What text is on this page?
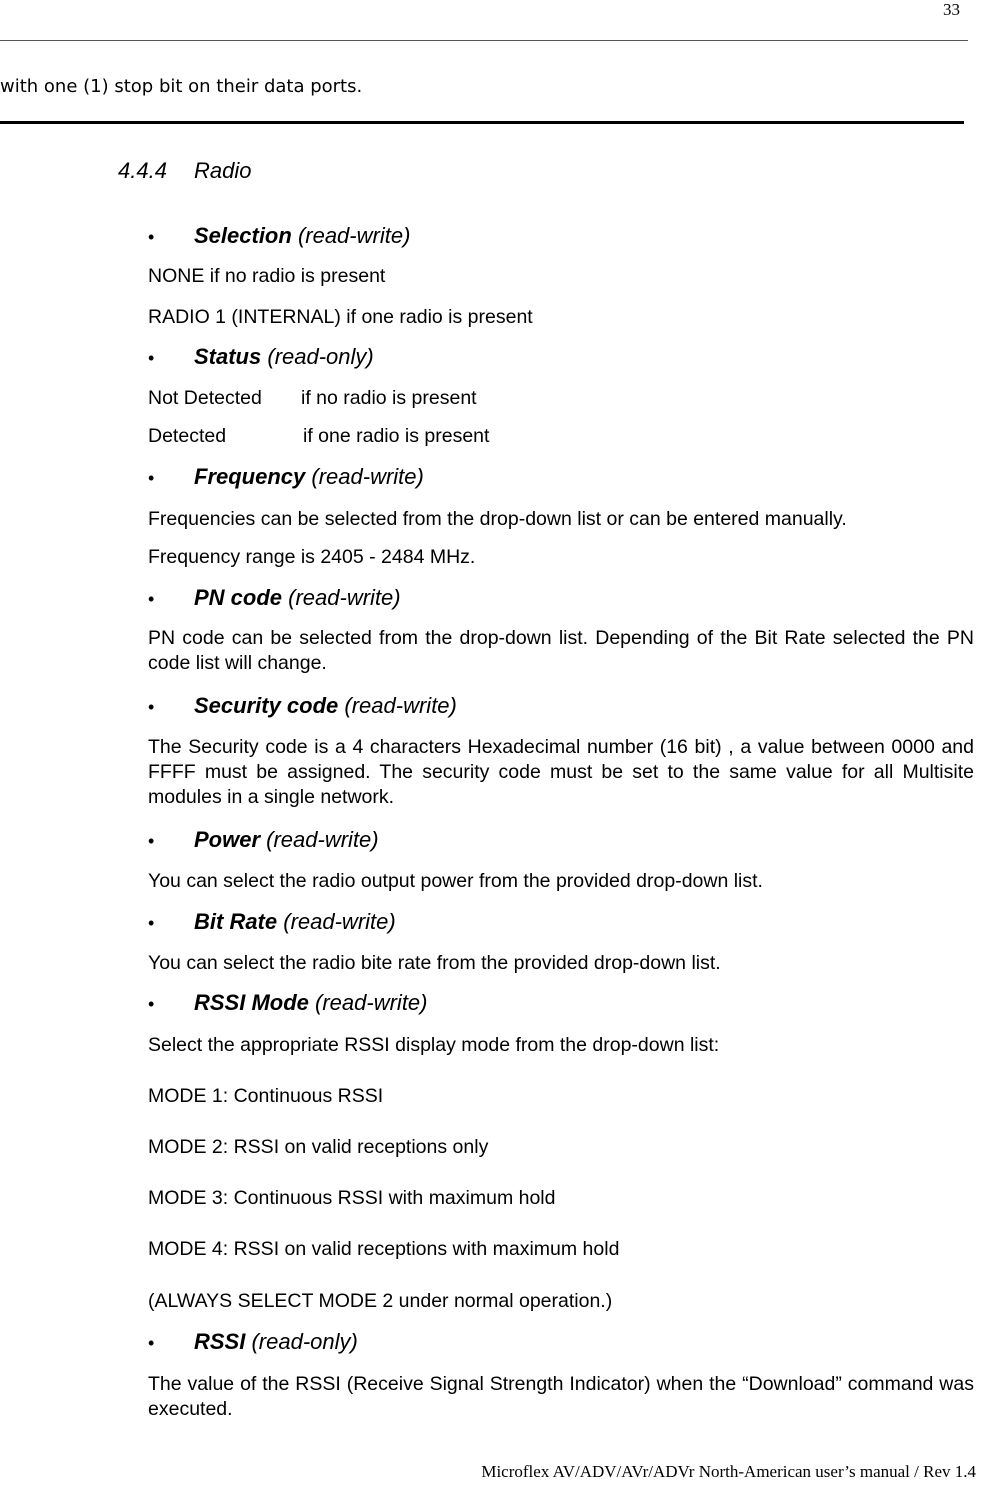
33
with one (1) stop bit on their data ports.
4.4.4 Radio
• Selection (read-write)
NONE if no radio is present
RADIO 1 (INTERNAL) if one radio is present
• Status (read-only)
Not Detected if no radio is present
Detected	if one radio is present
• Frequency (read-write)
Frequencies can be selected from the drop-down list or can be entered manually.
Frequency range is 2405 - 2484 MHz.
• PN code (read-write)
PN code can be selected from the drop-down list. Depending of the Bit Rate selected the PN code list will change.
• Security code (read-write)
The Security code is a 4 characters Hexadecimal number (16 bit) , a value between 0000 and FFFF must be assigned. The security code must be set to the same value for all Multisite modules in a single network.
• Power (read-write)
You can select the radio output power from the provided drop-down list.
• Bit Rate (read-write)
You can select the radio bite rate from the provided drop-down list.
• RSSI Mode (read-write)
Select the appropriate RSSI display mode from the drop-down list:
MODE 1: Continuous RSSI
MODE 2: RSSI on valid receptions only
MODE 3: Continuous RSSI with maximum hold
MODE 4: RSSI on valid receptions with maximum hold
(ALWAYS SELECT MODE 2 under normal operation.)
• RSSI (read-only)
The value of the RSSI (Receive Signal Strength Indicator) when the “Download” command was executed.
Microflex AV/ADV/AVr/ADVr North-American user’s manual / Rev 1.4
